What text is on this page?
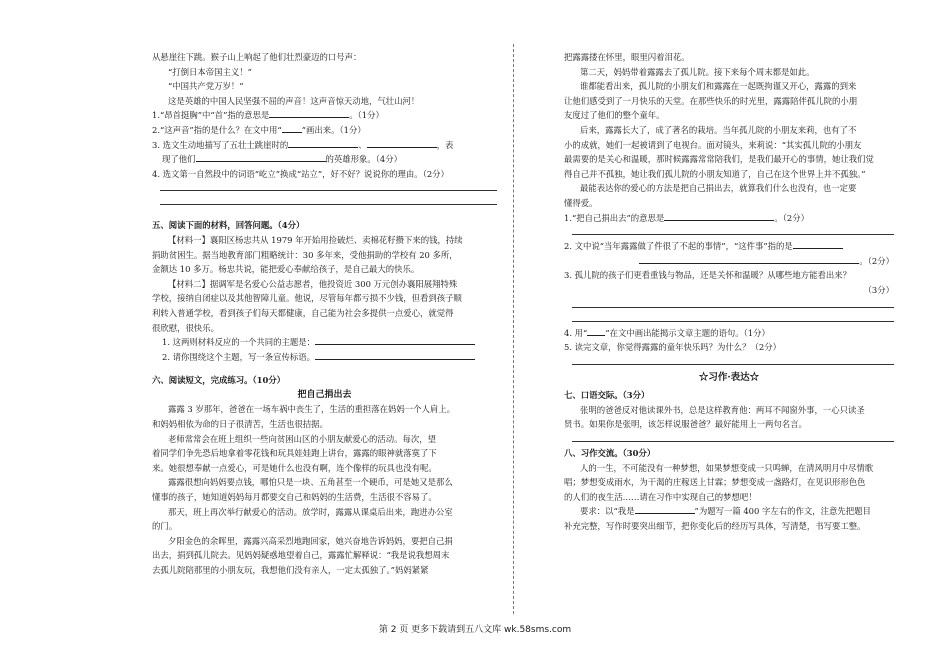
从悬崖往下跳。猴子山上响起了他们壮烈豪迈的口号声：
“打倒日本帝国主义！”
“中国共产党万岁！”
这是英雄的中国人民坚强不屈的声音！这声音惊天动地，气壮山河！
1.“昂首挺胸”中“首”指的意思是	。（1分）
2.“这声音”指的是什么？在文中用“ ”画出来。（1分）
3. 选文生动地描写了五壮士跳崖时的	、	，表
现了他们	的英雄形象。（4分）
4. 选文第一自然段中的词语“屹立”换成“站立”，好不好？说说你的理由。（2分）
五、阅读下面的材料，回答问题。（4分）
【材料一】襄阳区杨忠共从 1979 年开始用捡破烂、卖棉花籽攒下来的钱，持续
捐助贫困生。据当地教育部门粗略统计：30 多年来，受他捐助的学校有 20 多所，
金额达 10 多万。杨忠共说，能把爱心奉献给孩子，是自己最大的快乐。
【材料二】据调军是名爱心公益志愿者，他投资近 300 万元创办襄阳展翔特殊
学校，接纳自闭症以及其他智障儿童。他说，尽管每年都亏损不少钱，但看到孩子顺
利转入普通学校，看到孩子们每天都健康，自己能为社会多提供一点爱心，就觉得
很欣慰，很快乐。
1. 这两则材料反应的一个共同的主题是：
2. 请你围绕这个主题，写一条宣传标语。
六、阅读短文，完成练习。（10分）
把自己捐出去
露露 3 岁那年，爸爸在一场车祸中丧生了，生活的重担落在妈妈一个人肩上。
和妈妈相依为命的日子很清苦，生活也很拮据。
老师常常会在班上组织一些向贫困山区的小朋友献爱心的活动。每次，望
着同学们争先恐后地拿着零花钱和玩具娃娃跑上讲台，露露的眼神就落寞了下
来。她很想奉献一点爱心，可是她什么也没有啊，连个像样的玩具也没有呢。
露露很想向妈妈要点钱，哪怕只是一块、五角甚至一个硬币，可是她又是那么
懂事的孩子，她知道妈妈每月都要交自己和妈妈的生活费，生活很不容易了。
那天，班上再次举行献爱心的活动。放学时，露露从课桌后出来，跑进办公室
的门。
夕阳金色的余晖里，露露兴高采烈地跑回家，她兴奋地告诉妈妈，要把自己捐
出去，捐到孤儿院去。见妈妈疑惑地望着自己，露露忙解释说：“我是说我想周末
去孤儿院陪那里的小朋友玩，我想他们没有亲人，一定太孤独了。”妈妈紧紧
把露露搂在怀里，眼里闪着泪花。
第二天，妈妈带着露露去了孤儿院。接下来每个周末都是如此。
谁都能看出来，孤儿院的小朋友们和露露在一起既拘谨又开心，露露的到来
让他们感受到了一月快乐的天堂。在那些快乐的时光里，露露陪伴孤儿院的小朋
友度过了他们的整个童年。
后来，露露长大了，成了著名的栽培。当年孤儿院的小朋友来莉，也有了不
小的成就，她们一起被请到了电视台。面对镜头，来莉说：“其实孤儿院的小朋友
最需要的是关心和温暖，那时候露露常常陪我们，是我们最开心的事情，她让我们觉
得自己并不孤独，她让我们孤儿院的小朋友知道了，自己在这个世界上并不孤独。”
最能表达你的爱心的方法是把自己捐出去，就算我们什么也没有，也一定要
懂得爱。
1.“把自己捐出去”的意思是	。（2分）
2. 文中说“当年露露做了件很了不起的事情”，“这件事”指的是
。（2分）
3. 孤儿院的孩子们更看重钱与物品，还是关怀和温暖？从哪些地方能看出来？
（3分）
4. 用“ ”在文中画出能揭示文章主题的语句。（1分）
5. 读完文章，你觉得露露的童年快乐吗？为什么？（2分）
☆习作·表达☆
七、口语交际。（3分）
张明的爸爸反对他读课外书，总是这样教育他：两耳不闻窗外事，一心只读圣
贤书。如果你是张明，该怎样说服爸爸？最好能用上一两句名言。
八、习作交流。（30分）
人的一生，不可能没有一种梦想，如果梦想变成一只鸣蝉，在清风明月中尽情歌
唱；梦想变成雨水，为干渴的庄稼送上甘霖；梦想变成一盏路灯，在见识形形色色
的人们的夜生活……请在习作中实现自己的梦想吧！
要求：以“我是	”为题写一篇 400 字左右的作文，注意先把题目
补充完整，写作时要突出细节，把你变化后的经历写具体，写清楚，书写要工整。
第 2 页 更多下载请到五八文库 wk.58sms.com
